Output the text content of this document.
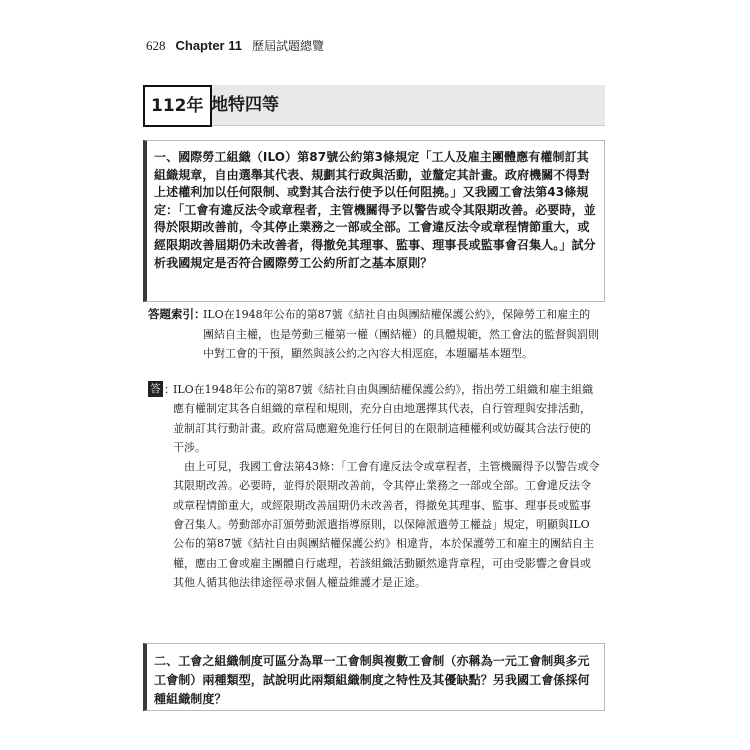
628 Chapter 11 歷屆試題總覽
112年 地特四等
一、國際勞工組織（ILO）第87號公約第3條規定「工人及雇主團體應有權制訂其組織規章，自由選舉其代表、規劃其行政與活動，並釐定其計畫。政府機關不得對上述權利加以任何限制、或對其合法行使予以任何阻撓。」又我國工會法第43條規定：「工會有違反法令或章程者，主管機關得予以警告或令其限期改善。必要時，並得於限期改善前，令其停止業務之一部或全部。工會違反法令或章程情節重大，或經限期改善屆期仍未改善者，得撤免其理事、監事、理事長或監事會召集人。」試分析我國規定是否符合國際勞工公約所訂之基本原則？
答題索引：
ILO在1948年公布的第87號《結社自由與團結權保護公約》，保障勞工和雇主的團結自主權，也是勞動三權第一權（團結權）的具體規範，然工會法的監督與罰則中對工會的干預，顯然與該公約之內容大相逕庭，本題屬基本題型。
答 ：
ILO在1948年公布的第87號《結社自由與團結權保護公約》，指出勞工組織和雇主組織應有權制定其各自組織的章程和規則，充分自由地選擇其代表，自行管理與安排活動，並制訂其行動計畫。政府當局應避免進行任何目的在限制這種權利或妨礙其合法行使的干涉。
由上可見，我國工會法第43條：「工會有違反法令或章程者，主管機關得予以警告或令其限期改善。必要時，並得於限期改善前，令其停止業務之一部或全部。工會違反法令或章程情節重大，或經限期改善屆期仍未改善者，得撤免其理事、監事、理事長或監事會召集人。勞動部亦訂頒勞動派遣指導原則，以保障派遣勞工權益」規定，明顯與ILO公布的第87號《結社自由與團結權保護公約》相違背，本於保護勞工和雇主的團結自主權，應由工會或雇主團體自行處理，若該組織活動顯然違背章程，可由受影響之會員或其他人循其他法律途徑尋求個人權益維護才是正途。
二、工會之組織制度可區分為單一工會制與複數工會制（亦稱為一元工會制與多元工會制）兩種類型，試說明此兩類組織制度之特性及其優缺點？另我國工會係採何種組織制度？
